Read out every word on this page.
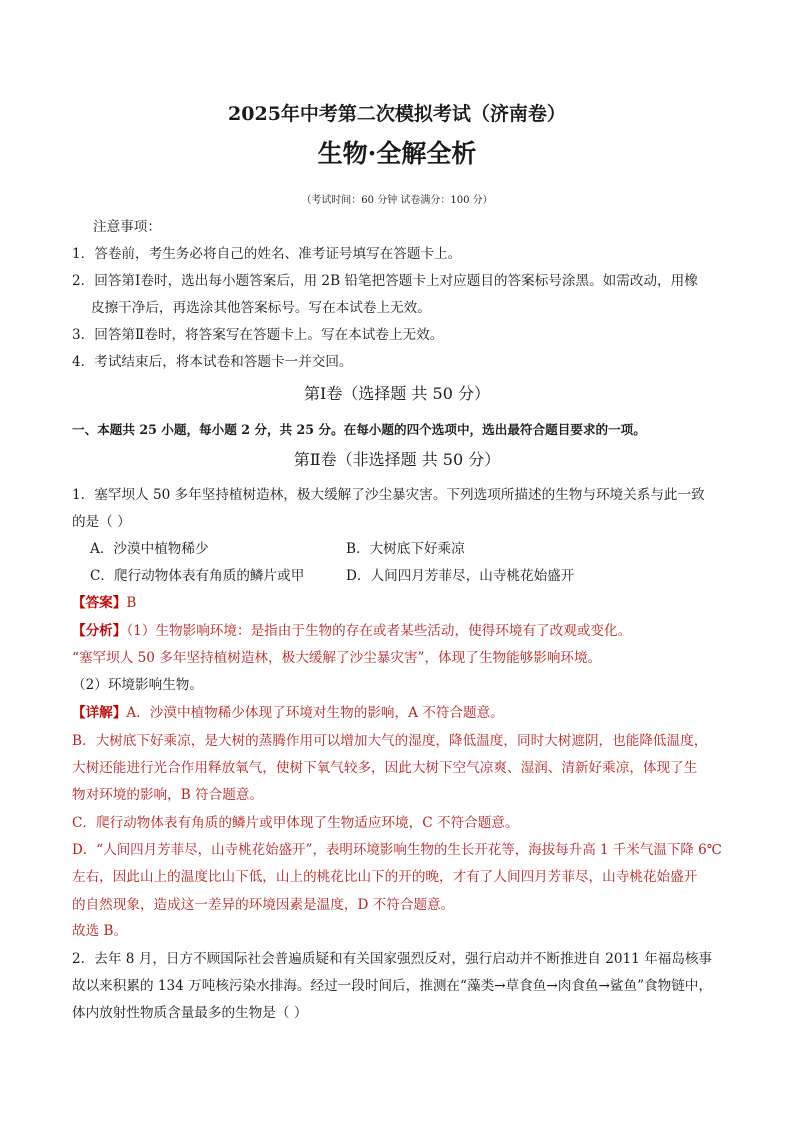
2025年中考第二次模拟考试（济南卷）
生物·全解全析
（考试时间：60 分钟 试卷满分：100 分）
注意事项：
1．答卷前，考生务必将自己的姓名、准考证号填写在答题卡上。
2．回答第Ⅰ卷时，选出每小题答案后，用 2B 铅笔把答题卡上对应题目的答案标号涂黑。如需改动，用橡
皮擦干净后，再选涂其他答案标号。写在本试卷上无效。
3．回答第Ⅱ卷时，将答案写在答题卡上。写在本试卷上无效。
4．考试结束后，将本试卷和答题卡一并交回。
第Ⅰ卷（选择题 共 50 分）
一、本题共 25 小题，每小题 2 分，共 25 分。在每小题的四个选项中，选出最符合题目要求的一项。
第Ⅱ卷（非选择题 共 50 分）
1．塞罕坝人 50 多年坚持植树造林，极大缓解了沙尘暴灾害。下列选项所描述的生物与环境关系与此一致
的是（ ）
A．沙漠中植物稀少	B．大树底下好乘凉
C．爬行动物体表有角质的鳞片或甲	D．人间四月芳菲尽，山寺桃花始盛开
【答案】B
【分析】（1）生物影响环境：是指由于生物的存在或者某些活动，使得环境有了改观或变化。
“塞罕坝人 50 多年坚持植树造林，极大缓解了沙尘暴灾害”，体现了生物能够影响环境。
（2）环境影响生物。
【详解】A．沙漠中植物稀少体现了环境对生物的影响，A 不符合题意。
B．大树底下好乘凉，是大树的蒸腾作用可以增加大气的湿度，降低温度，同时大树遮阴，也能降低温度，
大树还能进行光合作用释放氧气，使树下氧气较多，因此大树下空气凉爽、湿润、清新好乘凉，体现了生
物对环境的影响，B 符合题意。
C．爬行动物体表有角质的鳞片或甲体现了生物适应环境，C 不符合题意。
D．“人间四月芳菲尽，山寺桃花始盛开”，表明环境影响生物的生长开花等，海拔每升高 1 千米气温下降 6℃
左右，因此山上的温度比山下低，山上的桃花比山下的开的晚，才有了人间四月芳菲尽，山寺桃花始盛开
的自然现象，造成这一差异的环境因素是温度，D 不符合题意。
故选 B。
2．去年 8 月，日方不顾国际社会普遍质疑和有关国家强烈反对，强行启动并不断推进自 2011 年福岛核事
故以来积累的 134 万吨核污染水排海。经过一段时间后，推测在“藻类→草食鱼→肉食鱼→鲨鱼”食物链中，
体内放射性物质含量最多的生物是（ ）
